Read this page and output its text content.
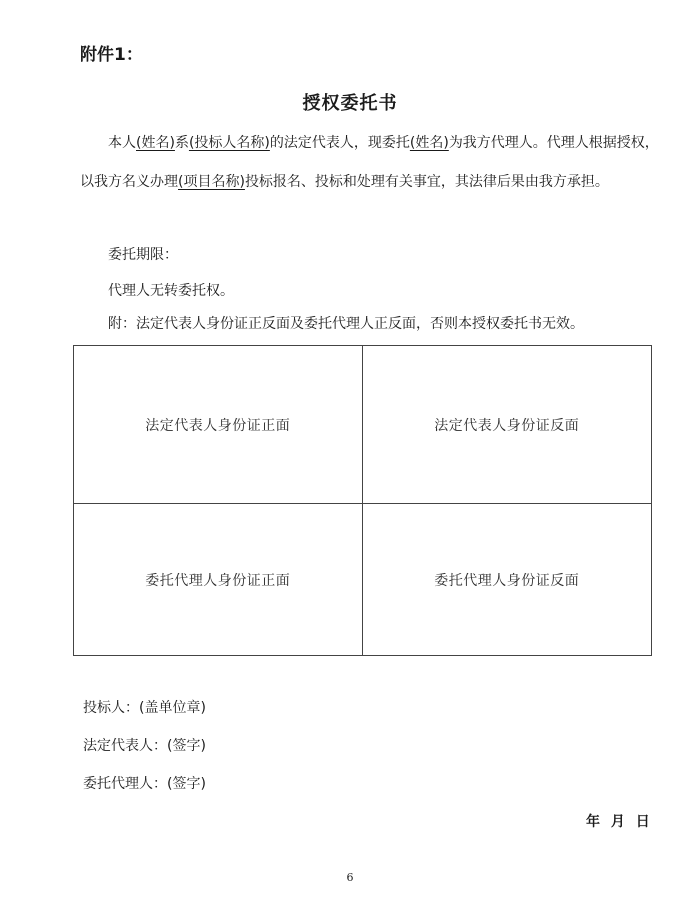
附件1：
授权委托书
本人(姓名)系(投标人名称)的法定代表人，现委托(姓名)为我方代理人。代理人根据授权，以我方名义办理(项目名称)投标报名、投标和处理有关事宜，其法律后果由我方承担。
委托期限：
代理人无转委托权。
附：法定代表人身份证正反面及委托代理人正反面，否则本授权委托书无效。
法定代表人身份证正面	法定代表人身份证反面
委托代理人身份证正面	委托代理人身份证反面
投标人：(盖单位章)
法定代表人：(签字)
委托代理人：(签字)
年 月 日
6
